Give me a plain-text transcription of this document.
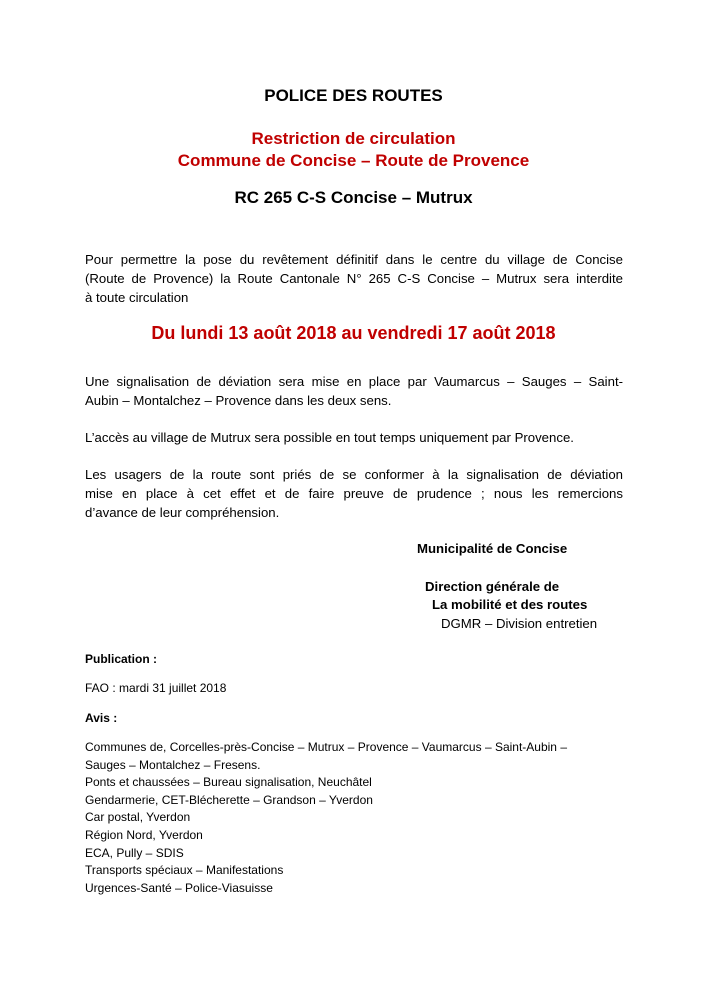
POLICE DES ROUTES
Restriction de circulation
Commune de Concise – Route de Provence
RC 265 C-S Concise – Mutrux
Pour permettre la pose du revêtement définitif dans le centre du village de Concise
(Route de Provence) la Route Cantonale N° 265 C-S Concise – Mutrux sera interdite
à toute circulation
Du lundi 13 août 2018 au vendredi 17 août 2018
Une signalisation de déviation sera mise en place par Vaumarcus – Sauges – Saint-
Aubin – Montalchez – Provence dans les deux sens.
L’accès au village de Mutrux sera possible en tout temps uniquement par Provence.
Les usagers de la route sont priés de se conformer à la signalisation de déviation
mise en place à cet effet et de faire preuve de prudence ; nous les remercions
d’avance de leur compréhension.
Municipalité de Concise
Direction générale de
La mobilité et des routes
DGMR – Division entretien
Publication :
FAO : mardi 31 juillet 2018
Avis :
Communes de, Corcelles-près-Concise – Mutrux – Provence – Vaumarcus – Saint-Aubin –
Sauges – Montalchez – Fresens.
Ponts et chaussées – Bureau signalisation, Neuchâtel
Gendarmerie, CET-Blécherette – Grandson – Yverdon
Car postal, Yverdon
Région Nord, Yverdon
ECA, Pully – SDIS
Transports spéciaux – Manifestations
Urgences-Santé – Police-Viasuisse
